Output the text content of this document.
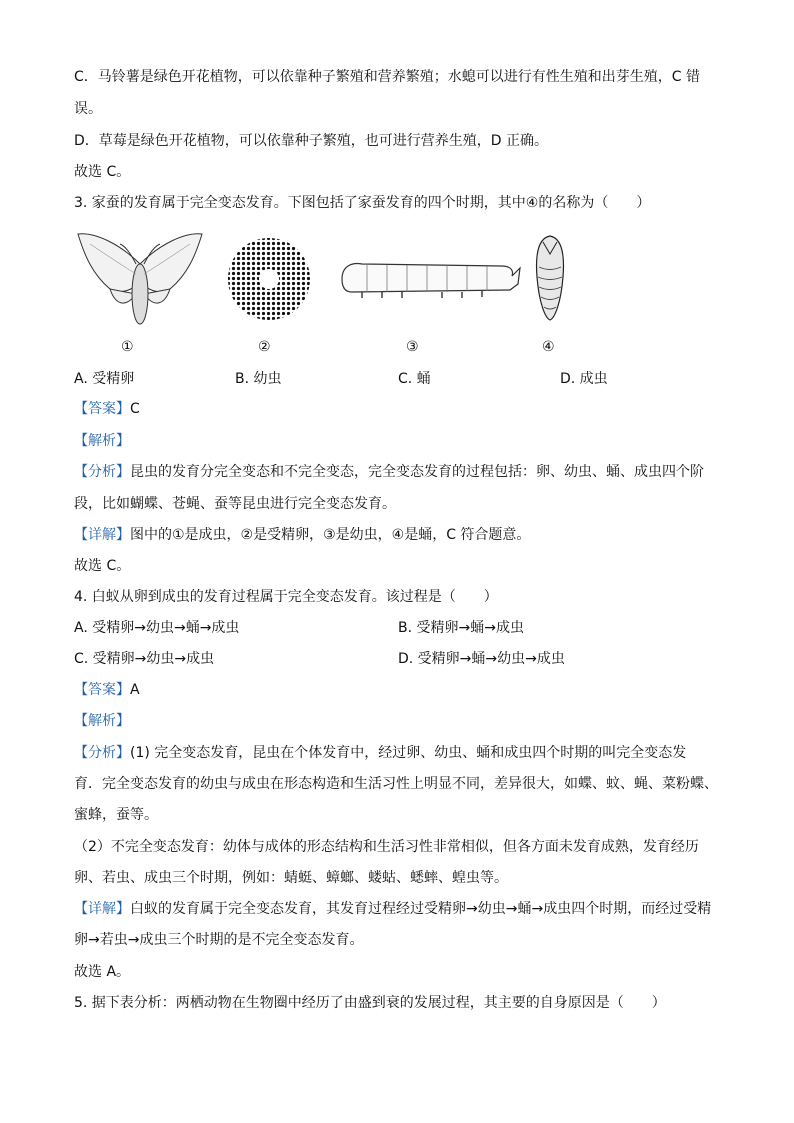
C．马铃薯是绿色开花植物，可以依靠种子繁殖和营养繁殖；水螅可以进行有性生殖和出芽生殖，C 错
误。
D．草莓是绿色开花植物，可以依靠种子繁殖，也可进行营养生殖，D 正确。
故选 C。
3. 家蚕的发育属于完全变态发育。下图包括了家蚕发育的四个时期，其中④的名称为（　　）
①	②	③	④
A. 受精卵	B. 幼虫	C. 蛹	D. 成虫
【答案】C
【解析】
【分析】昆虫的发育分完全变态和不完全变态，完全变态发育的过程包括：卵、幼虫、蛹、成虫四个阶
段，比如蝴蝶、苍蝇、蚕等昆虫进行完全变态发育。
【详解】图中的①是成虫，②是受精卵，③是幼虫，④是蛹，C 符合题意。
故选 C。
4. 白蚁从卵到成虫的发育过程属于完全变态发育。该过程是（　　）
A. 受精卵→幼虫→蛹→成虫	B. 受精卵→蛹→成虫
C. 受精卵→幼虫→成虫	D. 受精卵→蛹→幼虫→成虫
【答案】A
【解析】
【分析】(1) 完全变态发育，昆虫在个体发育中，经过卵、幼虫、蛹和成虫四个时期的叫完全变态发
育．完全变态发育的幼虫与成虫在形态构造和生活习性上明显不同，差异很大，如蝶、蚊、蝇、菜粉蝶、
蜜蜂，蚕等。
（2）不完全变态发育：幼体与成体的形态结构和生活习性非常相似，但各方面未发育成熟，发育经历
卵、若虫、成虫三个时期，例如：蜻蜓、蟑螂、蝼蛄、蟋蟀、蝗虫等。
【详解】白蚁的发育属于完全变态发育，其发育过程经过受精卵→幼虫→蛹→成虫四个时期，而经过受精
卵→若虫→成虫三个时期的是不完全变态发育。
故选 A。
5. 据下表分析：两栖动物在生物圈中经历了由盛到衰的发展过程，其主要的自身原因是（　　）
